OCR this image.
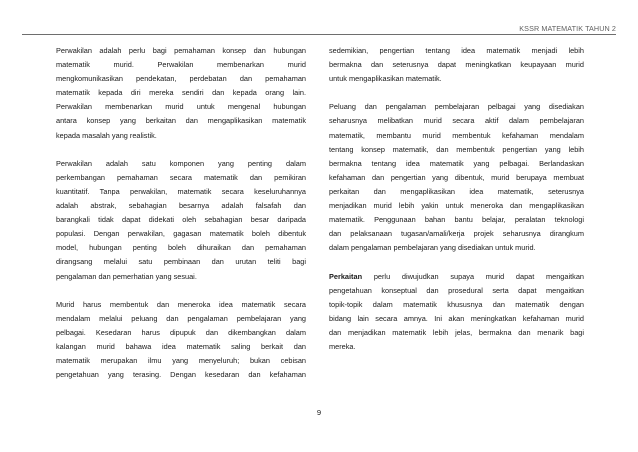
KSSR MATEMATIK TAHUN 2
Perwakilan adalah perlu bagi pemahaman konsep dan hubungan
matematik murid. Perwakilan membenarkan murid
mengkomunikasikan pendekatan, perdebatan dan pemahaman
matematik kepada diri mereka sendiri dan kepada orang lain.
Perwakilan membenarkan murid untuk mengenal hubungan
antara konsep yang berkaitan dan mengaplikasikan matematik
kepada masalah yang realistik.
Perwakilan adalah satu komponen yang penting dalam
perkembangan pemahaman secara matematik dan pemikiran
kuantitatif. Tanpa perwakilan, matematik secara keseluruhannya
adalah abstrak, sebahagian besarnya adalah falsafah dan
barangkali tidak dapat didekati oleh sebahagian besar daripada
populasi. Dengan perwakilan, gagasan matematik boleh dibentuk
model, hubungan penting boleh dihuraikan dan pemahaman
dirangsang melalui satu pembinaan dan urutan teliti bagi
pengalaman dan pemerhatian yang sesuai.
Murid harus membentuk dan meneroka idea matematik secara
mendalam melalui peluang dan pengalaman pembelajaran yang
pelbagai. Kesedaran harus dipupuk dan dikembangkan dalam
kalangan murid bahawa idea matematik saling berkait dan
matematik merupakan ilmu yang menyeluruh; bukan cebisan
pengetahuan yang terasing. Dengan kesedaran dan kefahaman
sedemikian, pengertian tentang idea matematik menjadi lebih
bermakna dan seterusnya dapat meningkatkan keupayaan murid
untuk mengaplikasikan matematik.
Peluang dan pengalaman pembelajaran pelbagai yang disediakan
seharusnya melibatkan murid secara aktif dalam pembelajaran
matematik, membantu murid membentuk kefahaman mendalam
tentang konsep matematik, dan membentuk pengertian yang lebih
bermakna tentang idea matematik yang pelbagai. Berlandaskan
kefahaman dan pengertian yang dibentuk, murid berupaya membuat
perkaitan dan mengaplikasikan idea matematik, seterusnya
menjadikan murid lebih yakin untuk meneroka dan mengaplikasikan
matematik. Penggunaan bahan bantu belajar, peralatan teknologi
dan pelaksanaan tugasan/amali/kerja projek seharusnya dirangkum
dalam pengalaman pembelajaran yang disediakan untuk murid.
Perkaitan perlu diwujudkan supaya murid dapat mengaitkan
pengetahuan konseptual dan prosedural serta dapat mengaitkan
topik-topik dalam matematik khususnya dan matematik dengan
bidang lain secara amnya. Ini akan meningkatkan kefahaman murid
dan menjadikan matematik lebih jelas, bermakna dan menarik bagi
mereka.
9
